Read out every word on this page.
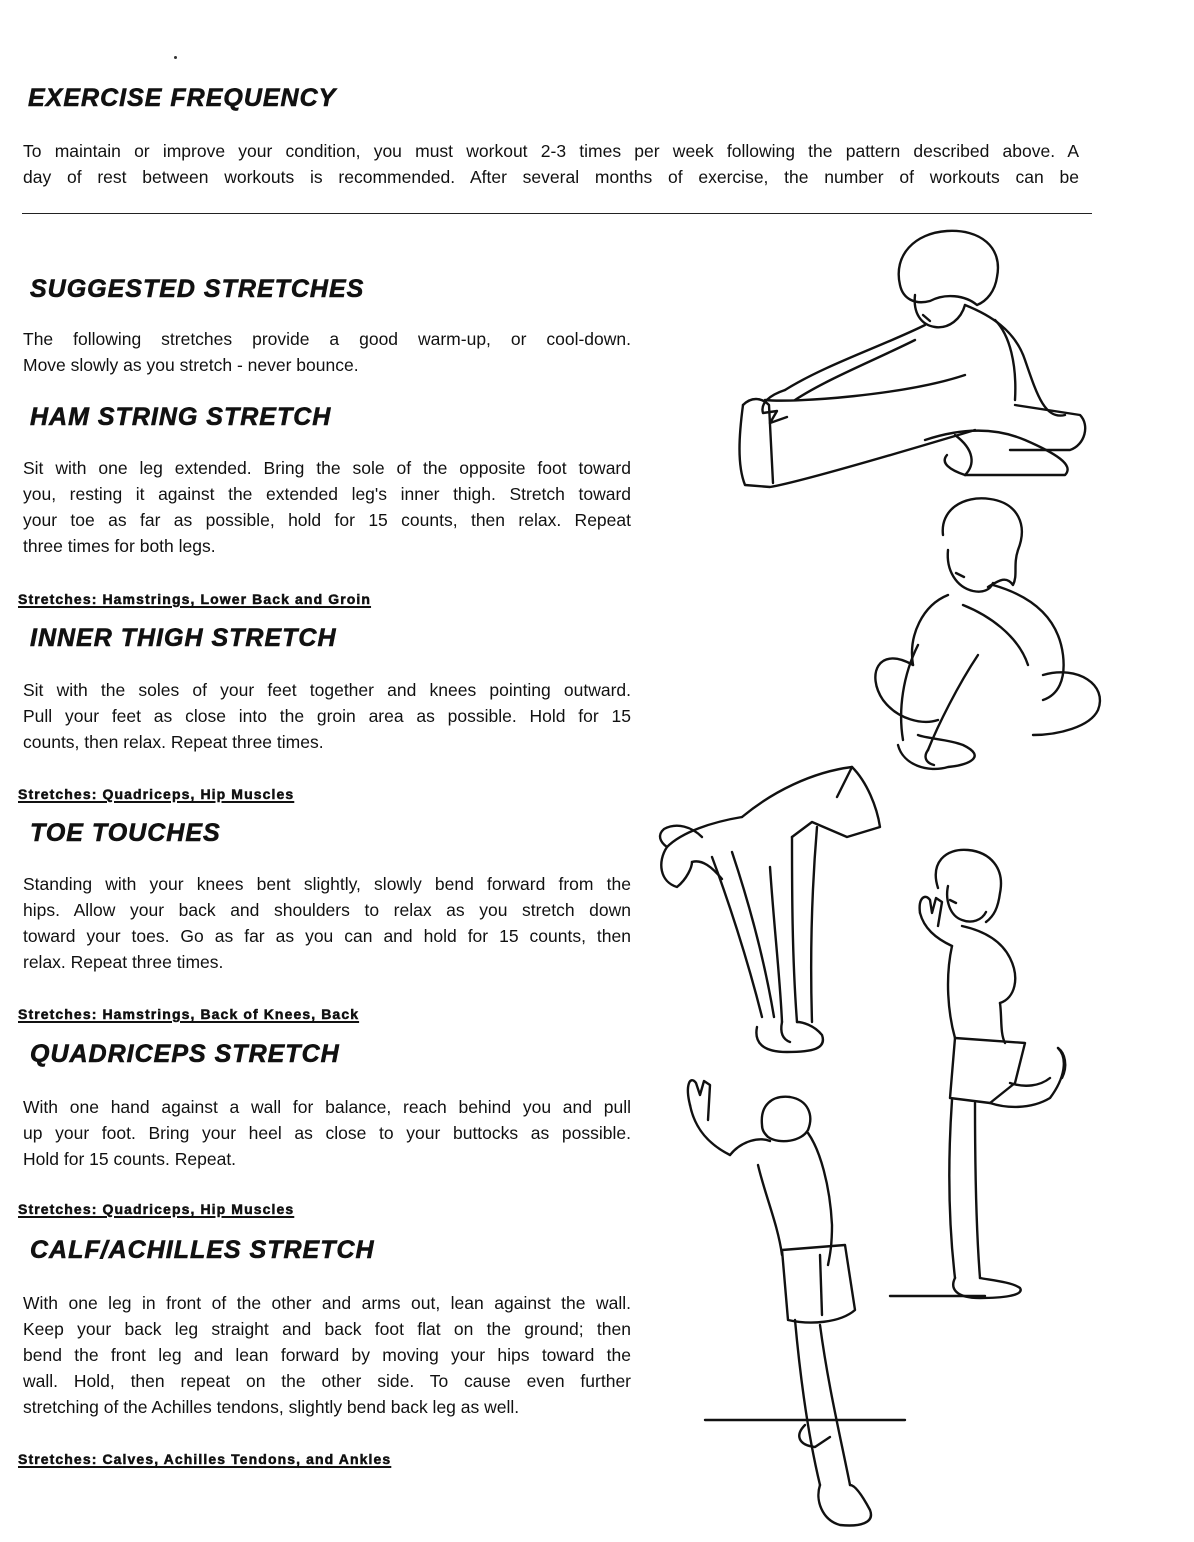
EXERCISE FREQUENCY
To maintain or improve your condition, you must workout 2-3 times per week following the pattern described above. A
day of rest between workouts is recommended. After several months of exercise, the number of workouts can be
SUGGESTED STRETCHES
The following stretches provide a good warm-up, or cool-down.
Move slowly as you stretch - never bounce.
HAM STRING STRETCH
Sit with one leg extended. Bring the sole of the opposite foot toward
you, resting it against the extended leg's inner thigh. Stretch toward
your toe as far as possible, hold for 15 counts, then relax. Repeat
three times for both legs.
Stretches: Hamstrings, Lower Back and Groin
INNER THIGH STRETCH
Sit with the soles of your feet together and knees pointing outward.
Pull your feet as close into the groin area as possible. Hold for 15
counts, then relax. Repeat three times.
Stretches: Quadriceps, Hip Muscles
TOE TOUCHES
Standing with your knees bent slightly, slowly bend forward from the
hips. Allow your back and shoulders to relax as you stretch down
toward your toes. Go as far as you can and hold for 15 counts, then
relax. Repeat three times.
Stretches: Hamstrings, Back of Knees, Back
QUADRICEPS STRETCH
With one hand against a wall for balance, reach behind you and pull
up your foot. Bring your heel as close to your buttocks as possible.
Hold for 15 counts. Repeat.
Stretches: Quadriceps, Hip Muscles
CALF/ACHILLES STRETCH
With one leg in front of the other and arms out, lean against the wall.
Keep your back leg straight and back foot flat on the ground; then
bend the front leg and lean forward by moving your hips toward the
wall. Hold, then repeat on the other side. To cause even further
stretching of the Achilles tendons, slightly bend back leg as well.
Stretches: Calves, Achilles Tendons, and Ankles
